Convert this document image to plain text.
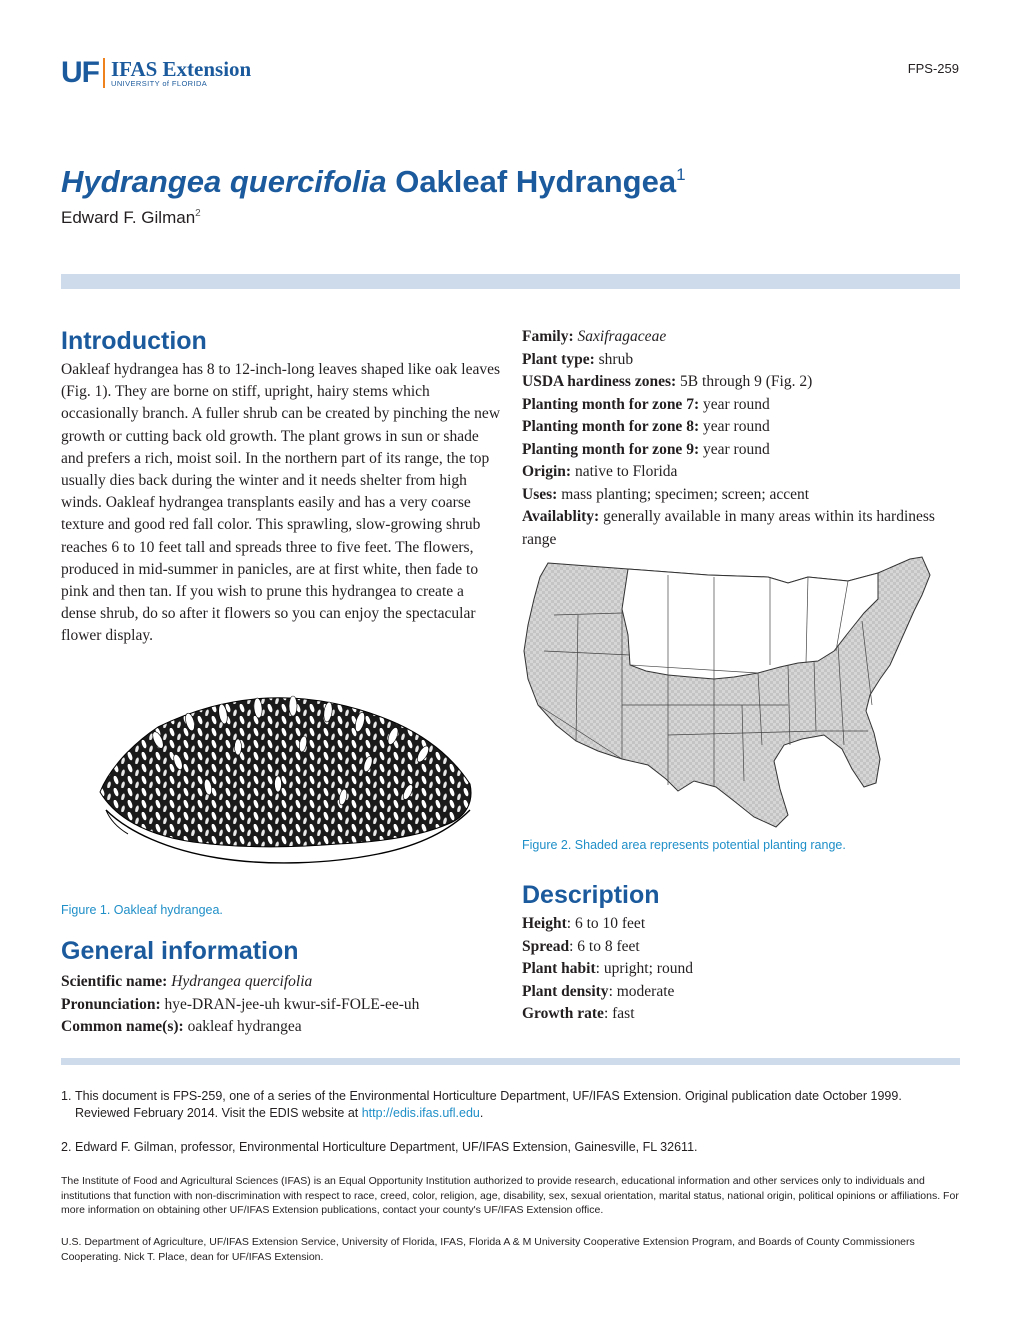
UF IFAS Extension
UNIVERSITY of FLORIDA
FPS-259
Hydrangea quercifolia Oakleaf Hydrangea$^1$
Edward F. Gilman$^2$
Introduction

Oakleaf hydrangea has 8 to 12-inch-long leaves shaped like oak leaves (Fig. 1). They are borne on stiff, upright, hairy stems which occasionally branch. A fuller shrub can be created by pinching the new growth or cutting back old growth. The plant grows in sun or shade and prefers a rich, moist soil. In the northern part of its range, the top usually dies back during the winter and it needs shelter from high winds. Oakleaf hydrangea transplants easily and has a very coarse texture and good red fall color. This sprawling, slow-growing shrub reaches 6 to 10 feet tall and spreads three to five feet. The flowers, produced in mid-summer in panicles, are at first white, then fade to pink and then tan. If you wish to prune this hydrangea to create a dense shrub, do so after it flowers so you can enjoy the spectacular flower display.

Figure 1. Oakleaf hydrangea.
General information
Scientific name: Hydrangea quercifolia
Pronunciation: hye-DRAN-jee-uh kwur-sif-FOLE-ee-uh
Common name(s): oakleaf hydrangea
Family: Saxifragaceae
Plant type: shrub
USDA hardiness zones: 5B through 9 (Fig. 2)
Planting month for zone 7: year round
Planting month for zone 8: year round
Planting month for zone 9: year round
Origin: native to Florida
Uses: mass planting; specimen; screen; accent
Availablity: generally available in many areas within its hardiness range
Figure 2. Shaded area represents potential planting range.
Description
Height: 6 to 10 feet
Spread: 6 to 8 feet
Plant habit: upright; round
Plant density: moderate
Growth rate: fast
1. This document is FPS-259, one of a series of the Environmental Horticulture Department, UF/IFAS Extension. Original publication date October 1999. Reviewed February 2014. Visit the EDIS website at http://edis.ifas.ufl.edu.
2. Edward F. Gilman, professor, Environmental Horticulture Department, UF/IFAS Extension, Gainesville, FL 32611.

The Institute of Food and Agricultural Sciences (IFAS) is an Equal Opportunity Institution authorized to provide research, educational information and other services only to individuals and institutions that function with non-discrimination with respect to race, creed, color, religion, age, disability, sex, sexual orientation, marital status, national origin, political opinions or affiliations. For more information on obtaining other UF/IFAS Extension publications, contact your county's UF/IFAS Extension office.

U.S. Department of Agriculture, UF/IFAS Extension Service, University of Florida, IFAS, Florida A & M University Cooperative Extension Program, and Boards of County Commissioners Cooperating. Nick T. Place, dean for UF/IFAS Extension.
